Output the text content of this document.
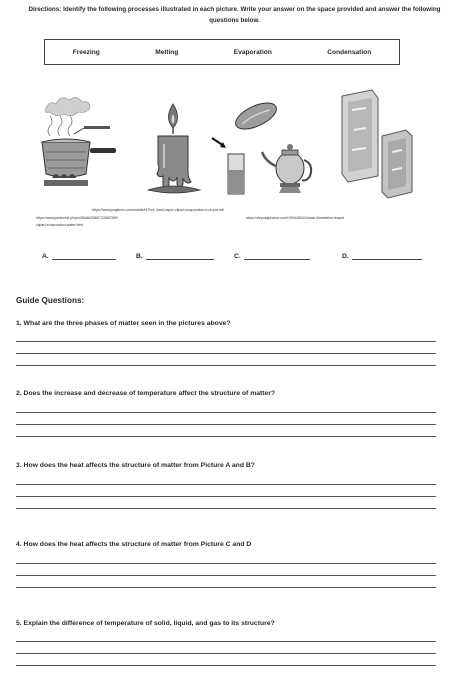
Directions: Identify the following processes illustrated in each picture. Write your answer on the space provided and answer the following questions below.
Freezing	Melting	Evaporation	Condensation
https://www.pngitem.com/middle/hiTho/_food-vapor-clipart-evaporation-in-a-pot-hd/
https://www.pinterest.ph/pin/564843965722582389/	https://depositphotos.com/199445542/stock-illustration-teapot
clipart-evaporation-water.html
A.	B.	C.	D.
Guide Questions:
1. What are the three phases of matter seen in the pictures above?
2. Does the increase and decrease of temperature affect the structure of matter?
3. How does the heat affects the structure of matter from Picture A and B?
4. How does the heat affects the structure of matter from Picture C and D
5. Explain the difference of temperature of solid, liquid, and gas to its structure?
